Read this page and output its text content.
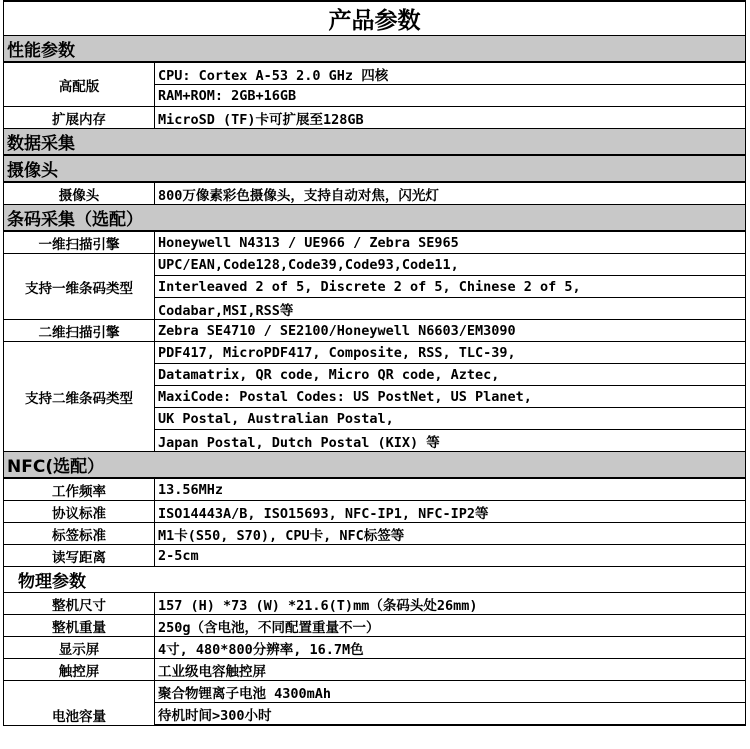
产品参数	
性能参数	
高配版	CPU: Cortex A-53 2.0 GHz 四核
	RAM+ROM: 2GB+16GB
扩展内存	MicroSD (TF)卡可扩展至128GB
数据采集	
摄像头	
摄像头	800万像素彩色摄像头，支持自动对焦，闪光灯
条码采集（选配）	
一维扫描引擎	Honeywell N4313 / UE966 / Zebra SE965
支持一维条码类型	UPC/EAN,Code128,Code39,Code93,Code11,
	Interleaved 2 of 5, Discrete 2 of 5, Chinese 2 of 5,
	Codabar,MSI,RSS等
二维扫描引擎	Zebra SE4710 / SE2100/Honeywell N6603/EM3090
支持二维条码类型	PDF417, MicroPDF417, Composite, RSS, TLC-39,
	Datamatrix, QR code, Micro QR code, Aztec,
	MaxiCode: Postal Codes: US PostNet, US Planet,
	UK Postal, Australian Postal,
	Japan Postal, Dutch Postal (KIX) 等
NFC(选配）	
工作频率	13.56MHz
协议标准	ISO14443A/B, ISO15693, NFC-IP1, NFC-IP2等
标签标准	M1卡(S50, S70), CPU卡, NFC标签等
读写距离	2-5cm
物理参数	
整机尺寸	157 (H) *73 (W) *21.6(T)mm（条码头处26mm)
整机重量	250g（含电池，不同配置重量不一）
显示屏	4寸, 480*800分辨率, 16.7M色
触控屏	工业级电容触控屏
电池容量	聚合物锂离子电池 4300mAh
	待机时间>300小时
